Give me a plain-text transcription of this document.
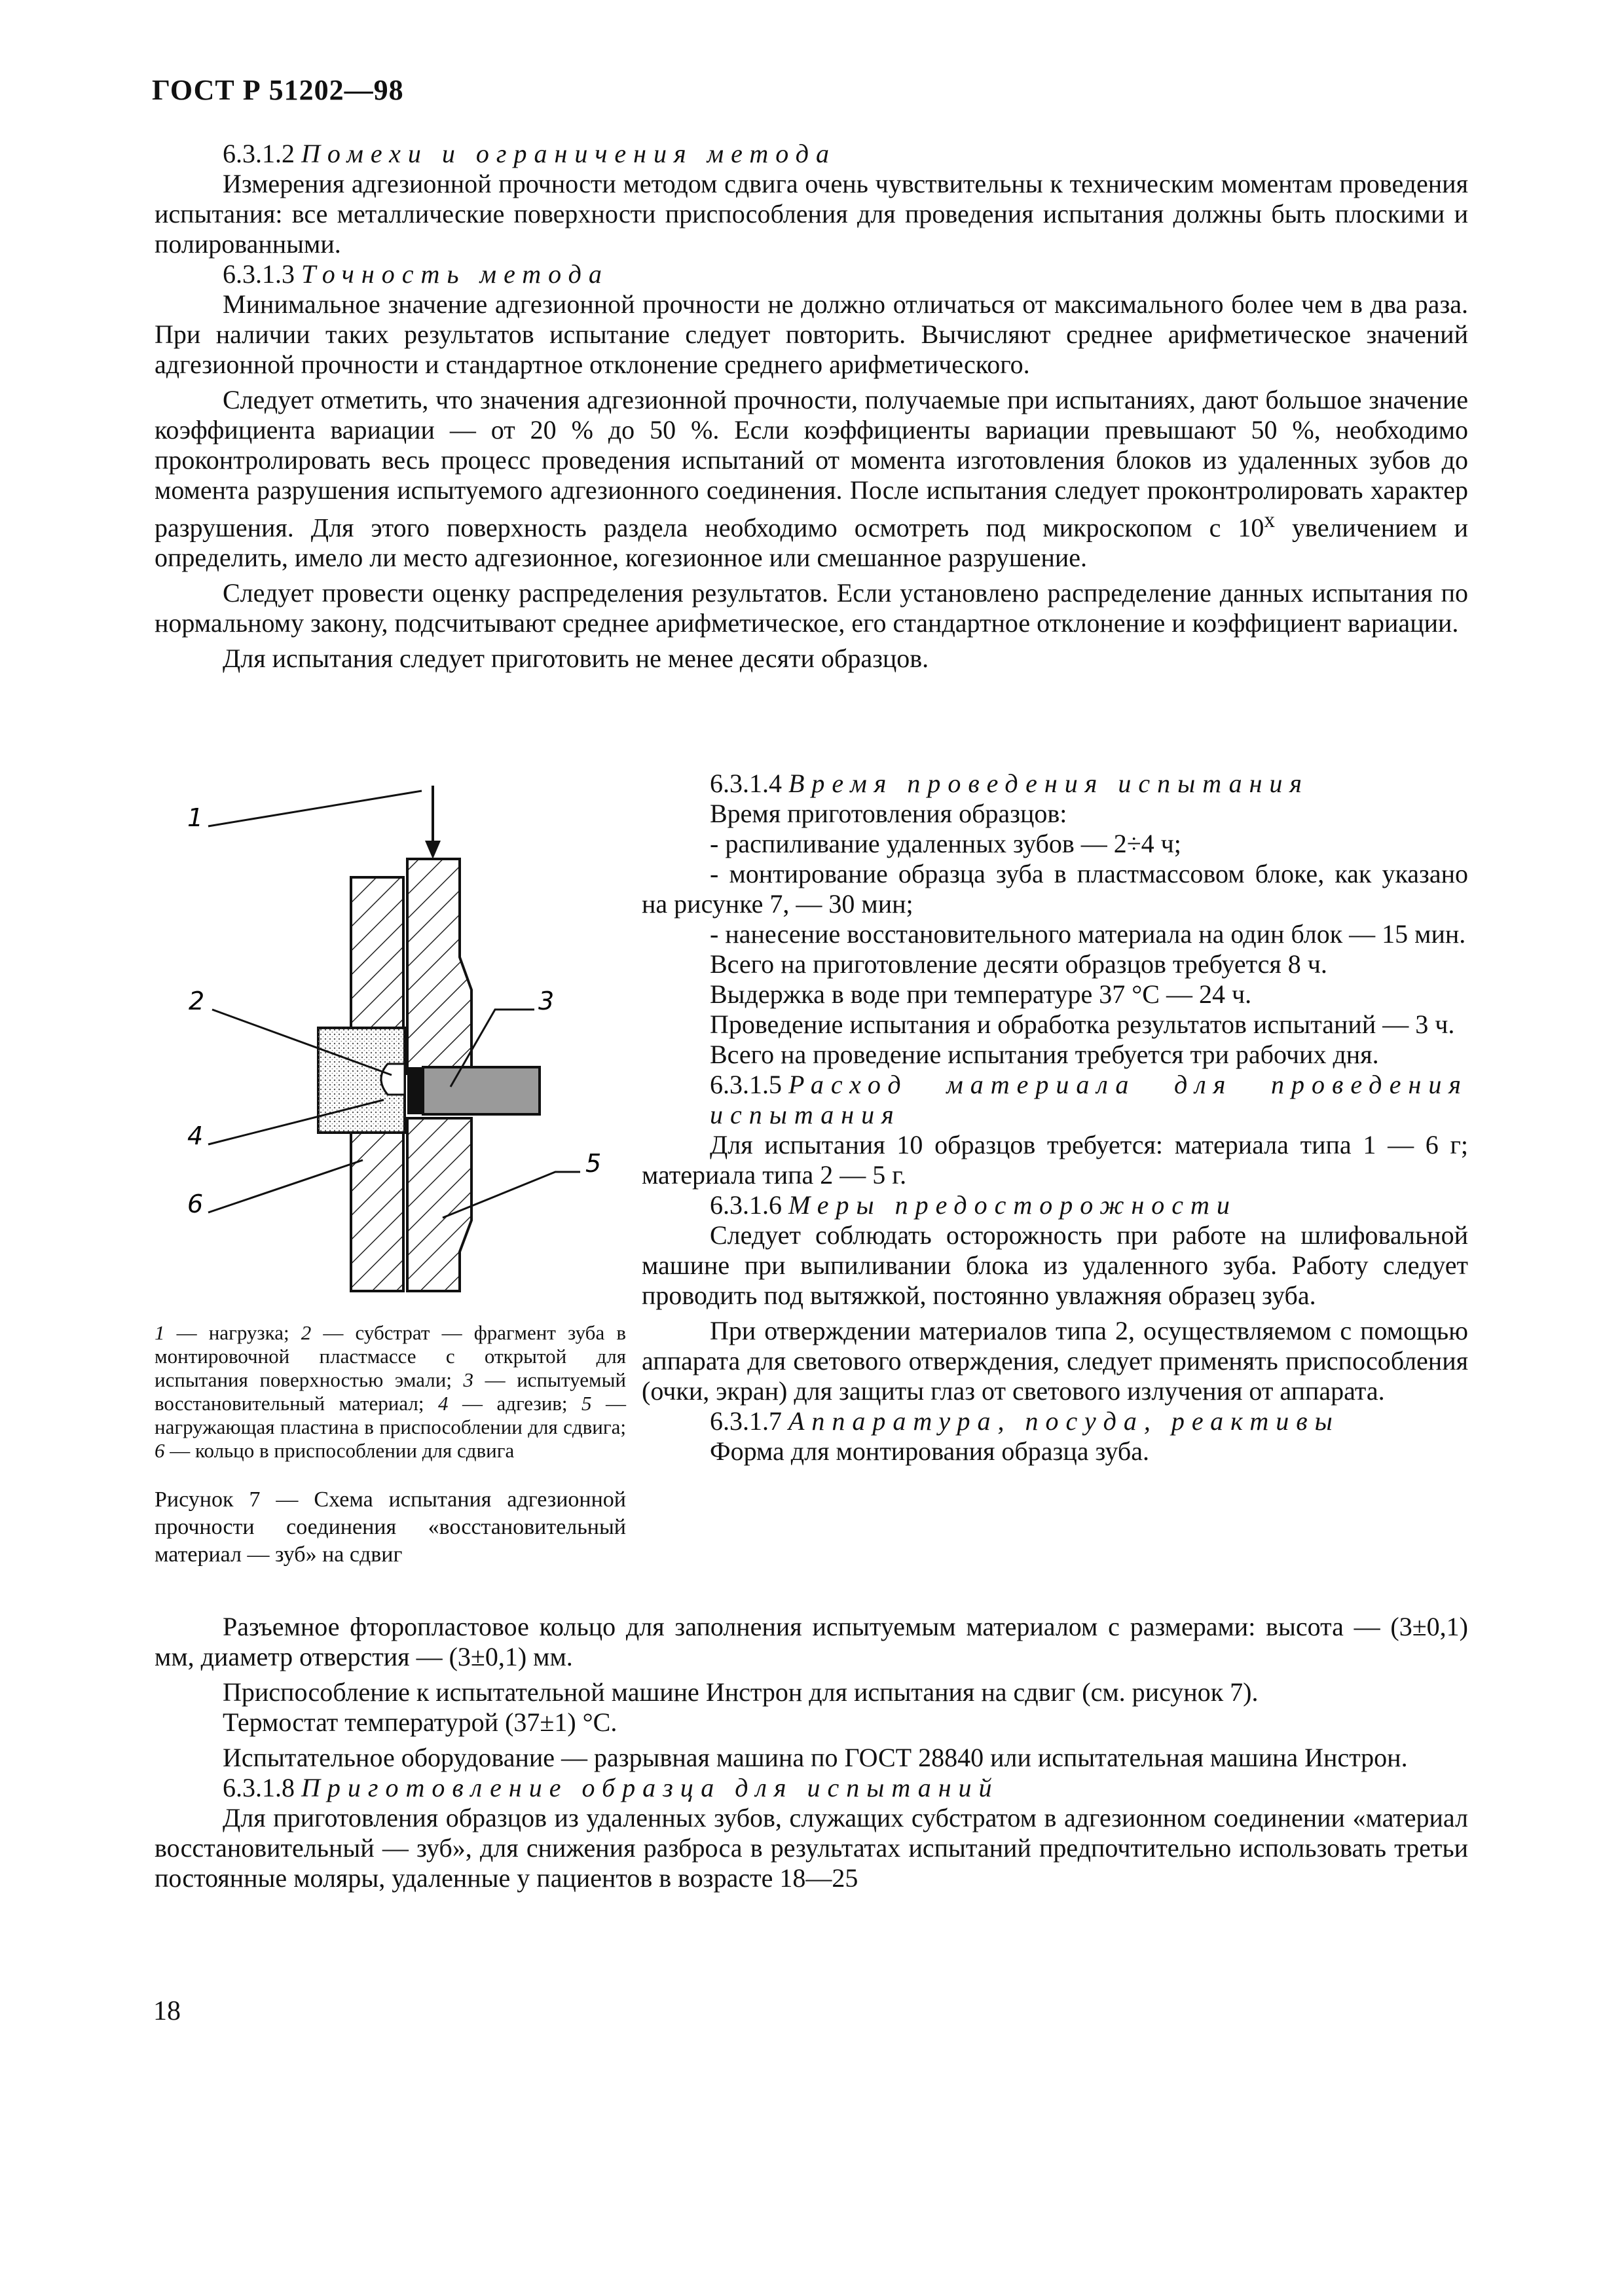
ГОСТ Р 51202—98
6.3.1.2 Помехи и ограничения метода

Измерения адгезионной прочности методом сдвига очень чувствительны к техническим моментам проведения испытания: все металлические поверхности приспособления для проведения испытания должны быть плоскими и полированными.

6.3.1.3 Точность метода

Минимальное значение адгезионной прочности не должно отличаться от максимального более чем в два раза. При наличии таких результатов испытание следует повторить. Вычисляют среднее арифметическое значений адгезионной прочности и стандартное отклонение среднего арифметического.

Следует отметить, что значения адгезионной прочности, получаемые при испытаниях, дают большое значение коэффициента вариации — от 20 % до 50 %. Если коэффициенты вариации превышают 50 %, необходимо проконтролировать весь процесс проведения испытаний от момента изготовления блоков из удаленных зубов до момента разрушения испытуемого адгезионного соединения. После испытания следует проконтролировать характер разрушения. Для этого поверхность раздела необходимо осмотреть под микроскопом с 10$^x$ увеличением и определить, имело ли место адгезионное, когезионное или смешанное разрушение.

Следует провести оценку распределения результатов. Если установлено распределение данных испытания по нормальному закону, подсчитывают среднее арифметическое, его стандартное отклонение и коэффициент вариации.

Для испытания следует приготовить не менее десяти образцов.

6.3.1.4 Время проведения испытания

Время приготовления образцов:

- распиливание удаленных зубов — 2÷4 ч;

- монтирование образца зуба в пластмассовом блоке, как указано на рисунке 7, — 30 мин;

- нанесение восстановительного материала на один блок — 15 мин.

Всего на приготовление десяти образцов требуется 8 ч.

Выдержка в воде при температуре 37 °С — 24 ч.

Проведение испытания и обработка результатов испытаний — 3 ч.

Всего на проведение испытания требуется три рабочих дня.

6.3.1.5 Расход материала для проведения испытания

Для испытания 10 образцов требуется: материала типа 1 — 6 г; материала типа 2 — 5 г.

6.3.1.6 Меры предосторожности

Следует соблюдать осторожность при работе на шлифовальной машине при выпиливании блока из удаленного зуба. Работу следует проводить под вытяжкой, постоянно увлажняя образец зуба.

При отверждении материалов типа 2, осуществляемом с помощью аппарата для светового отверждения, следует применять приспособления (очки, экран) для защиты глаз от светового излучения от аппарата.

6.3.1.7 Аппаратура, посуда, реактивы

Форма для монтирования образца зуба.

Разъемное фторопластовое кольцо для заполнения испытуемым материалом с размерами: высота — (3±0,1) мм, диаметр отверстия — (3±0,1) мм.

Приспособление к испытательной машине Инстрон для испытания на сдвиг (см. рисунок 7).

Термостат температурой (37±1) °С.

Испытательное оборудование — разрывная машина по ГОСТ 28840 или испытательная машина Инстрон.

6.3.1.8 Приготовление образца для испытаний

Для приготовления образцов из удаленных зубов, служащих субстратом в адгезионном соединении «материал восстановительный — зуб», для снижения разброса в результатах испытаний предпочтительно использовать третьи постоянные моляры, удаленные у пациентов в возрасте 18—25

1
2	3
4
5
6
1 — нагрузка; 2 — субстрат — фрагмент зуба в монтировочной пластмассе с открытой для испытания поверхностью эмали; 3 — испытуемый восстановительный материал; 4 — адгезив; 5 — нагружающая пластина в приспособлении для сдвига; 6 — кольцо в приспособлении для сдвига
Рисунок 7 — Схема испытания адгезионной прочности соединения «восстановительный материал — зуб» на сдвиг
18
